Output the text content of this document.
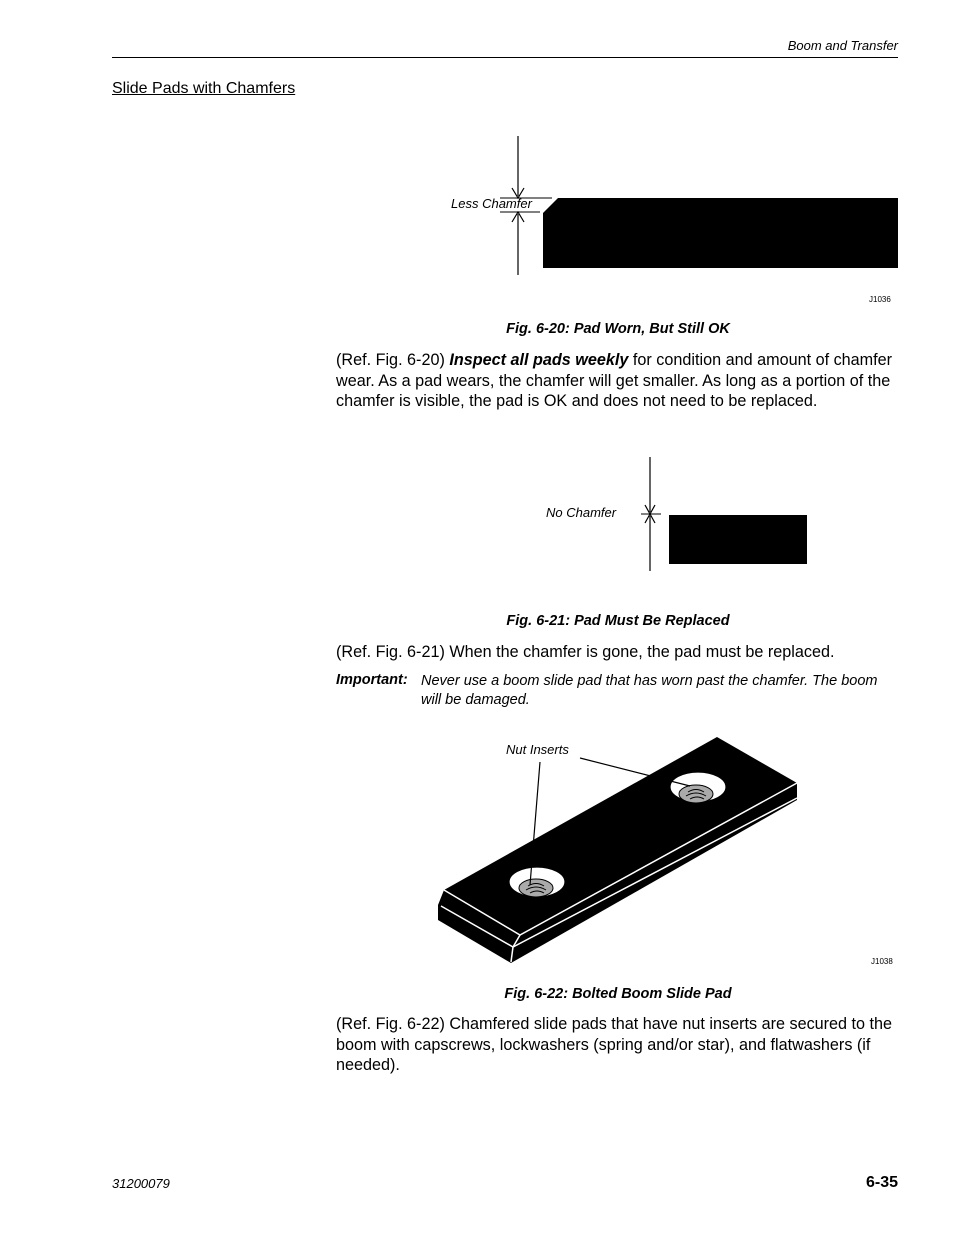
Boom and Transfer
Slide Pads with Chamfers
Less Chamfer
J1036
Fig. 6-20: Pad Worn, But Still OK
(Ref. Fig. 6-20) Inspect all pads weekly for condition and amount of chamfer wear. As a pad wears, the chamfer will get smaller. As long as a portion of the chamfer is visible, the pad is OK and does not need to be replaced.
No Chamfer
Fig. 6-21: Pad Must Be Replaced
(Ref. Fig. 6-21) When the chamfer is gone, the pad must be replaced.
Important: Never use a boom slide pad that has worn past the chamfer. The boom will be damaged.
Nut Inserts
J1038
Fig. 6-22: Bolted Boom Slide Pad
(Ref. Fig. 6-22) Chamfered slide pads that have nut inserts are secured to the boom with capscrews, lockwashers (spring and/or star), and flatwashers (if needed).
31200079	6-35
